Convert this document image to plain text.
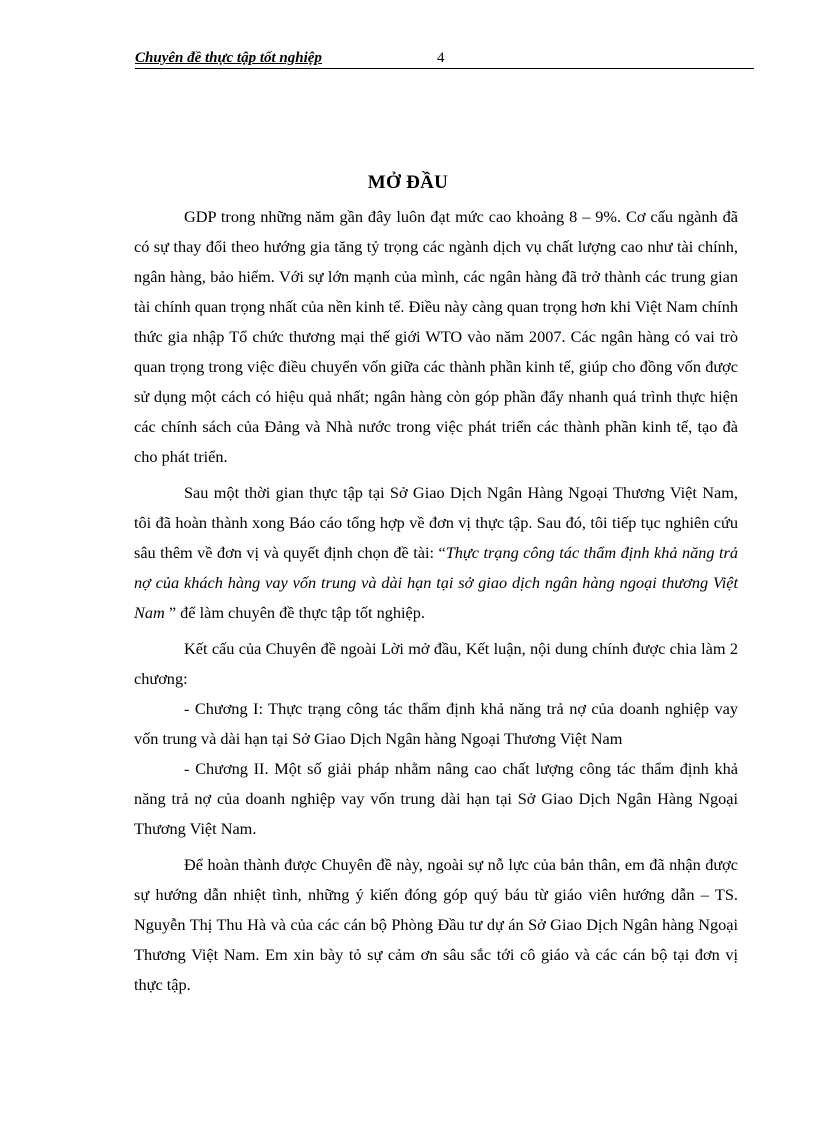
Chuyên đề thực tập tốt nghiệp	4
MỞ ĐẦU

GDP trong những năm gần đây luôn đạt mức cao khoảng 8 – 9%. Cơ cấu ngành đã có sự thay đổi theo hướng gia tăng tỷ trọng các ngành dịch vụ chất lượng cao như tài chính, ngân hàng, bảo hiểm. Với sự lớn mạnh của mình, các ngân hàng đã trở thành các trung gian tài chính quan trọng nhất của nền kinh tế. Điều này càng quan trọng hơn khi Việt Nam chính thức gia nhập Tổ chức thương mại thế giới WTO vào năm 2007. Các ngân hàng có vai trò quan trọng trong việc điều chuyển vốn giữa các thành phần kinh tế, giúp cho đồng vốn được sử dụng một cách có hiệu quả nhất; ngân hàng còn góp phần đẩy nhanh quá trình thực hiện các chính sách của Đảng và Nhà nước trong việc phát triển các thành phần kinh tế, tạo đà cho phát triển.

Sau một thời gian thực tập tại Sở Giao Dịch Ngân Hàng Ngoại Thương Việt Nam, tôi đã hoàn thành xong Báo cáo tổng hợp về đơn vị thực tập. Sau đó, tôi tiếp tục nghiên cứu sâu thêm về đơn vị và quyết định chọn đề tài: “Thực trạng công tác thẩm định khả năng trả nợ của khách hàng vay vốn trung và dài hạn tại sở giao dịch ngân hàng ngoại thương Việt Nam ” để làm chuyên đề thực tập tốt nghiệp.

Kết cấu của Chuyên đề ngoài Lời mở đầu, Kết luận, nội dung chính được chia làm 2 chương:

- Chương I: Thực trạng công tác thẩm định khả năng trả nợ của doanh nghiệp vay vốn trung và dài hạn tại Sở Giao Dịch Ngân hàng Ngoại Thương Việt Nam

- Chương II. Một số giải pháp nhằm nâng cao chất lượng công tác thẩm định khả năng trả nợ của doanh nghiệp vay vốn trung dài hạn tại Sở Giao Dịch Ngân Hàng Ngoại Thương Việt Nam.

Để hoàn thành được Chuyên đề này, ngoài sự nỗ lực của bản thân, em đã nhận được sự hướng dẫn nhiệt tình, những ý kiến đóng góp quý báu từ giáo viên hướng dẫn – TS. Nguyễn Thị Thu Hà và của các cán bộ Phòng Đầu tư dự án Sở Giao Dịch Ngân hàng Ngoại Thương Việt Nam. Em xin bày tỏ sự cảm ơn sâu sắc tới cô giáo và các cán bộ tại đơn vị thực tập.
